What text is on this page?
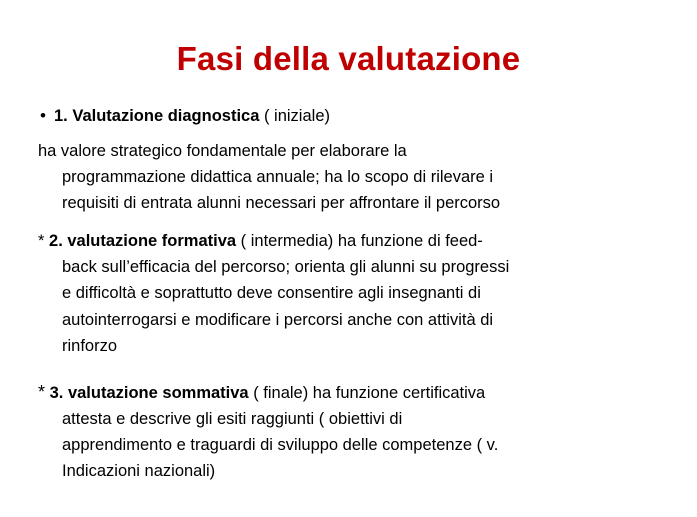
Fasi della valutazione
• 1. Valutazione diagnostica ( iniziale)
ha valore strategico fondamentale per elaborare la
programmazione didattica annuale; ha lo scopo di rilevare i
requisiti di entrata alunni necessari per affrontare il percorso
* 2. valutazione formativa ( intermedia) ha funzione di feed-
back sull’efficacia del percorso; orienta gli alunni su progressi
e difficoltà e soprattutto deve consentire agli insegnanti di
autointerrogarsi e modificare i percorsi anche con attività di
rinforzo
* 3. valutazione sommativa ( finale) ha funzione certificativa
attesta e descrive gli esiti raggiunti ( obiettivi di
apprendimento e traguardi di sviluppo delle competenze ( v.
Indicazioni nazionali)
